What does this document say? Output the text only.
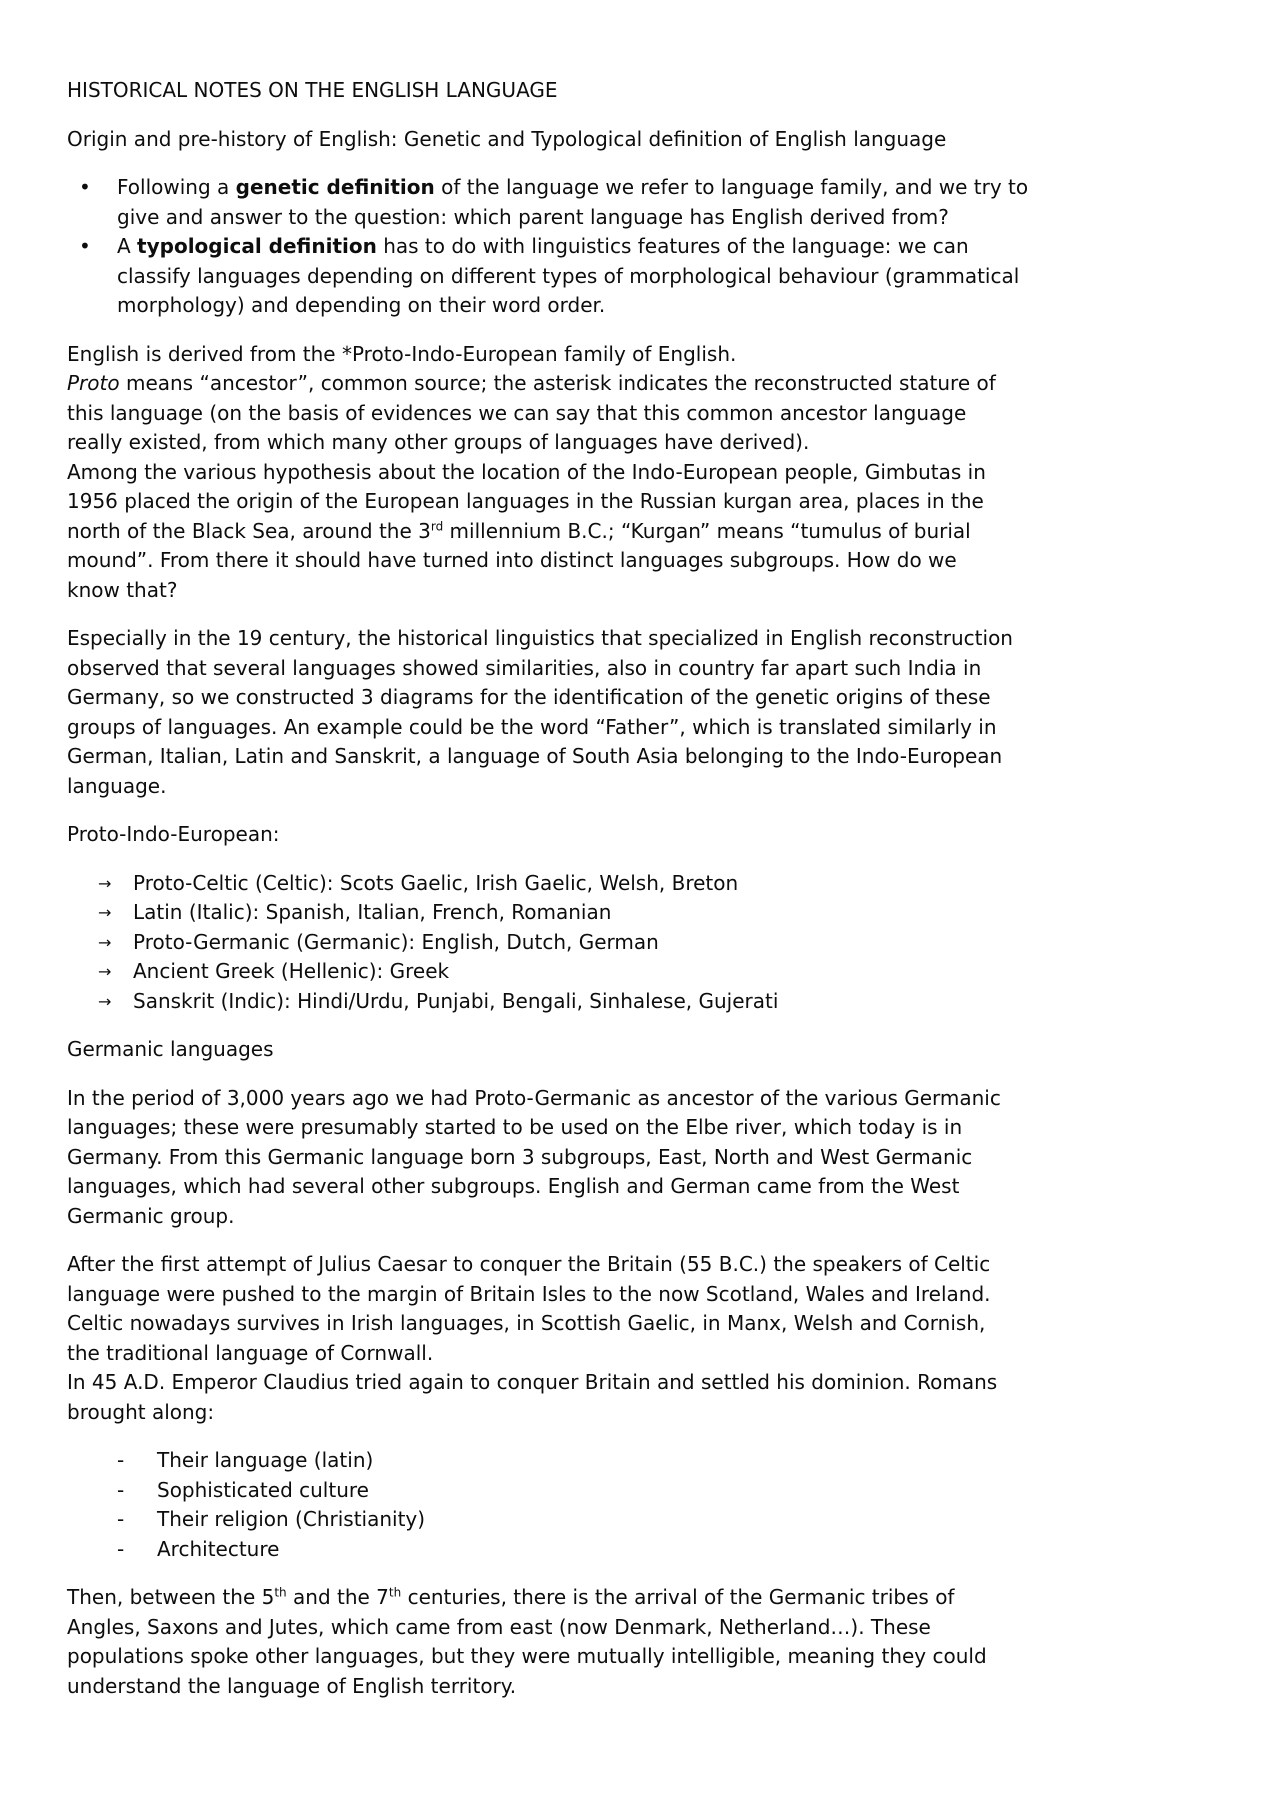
HISTORICAL NOTES ON THE ENGLISH LANGUAGE

Origin and pre-history of English: Genetic and Typological definition of English language

•	Following a genetic definition of the language we refer to language family, and we try to
give and answer to the question: which parent language has English derived from?
•	A typological definition has to do with linguistics features of the language: we can
classify languages depending on different types of morphological behaviour (grammatical
morphology) and depending on their word order.

English is derived from the *Proto-Indo-European family of English.
Proto means “ancestor”, common source; the asterisk indicates the reconstructed stature of
this language (on the basis of evidences we can say that this common ancestor language
really existed, from which many other groups of languages have derived).
Among the various hypothesis about the location of the Indo-European people, Gimbutas in
1956 placed the origin of the European languages in the Russian kurgan area, places in the
north of the Black Sea, around the 3rd millennium B.C.; “Kurgan” means “tumulus of burial
mound”. From there it should have turned into distinct languages subgroups. How do we
know that?

Especially in the 19 century, the historical linguistics that specialized in English reconstruction
observed that several languages showed similarities, also in country far apart such India in
Germany, so we constructed 3 diagrams for the identification of the genetic origins of these
groups of languages. An example could be the word “Father”, which is translated similarly in
German, Italian, Latin and Sanskrit, a language of South Asia belonging to the Indo-European
language.

Proto-Indo-European:

→	Proto-Celtic (Celtic): Scots Gaelic, Irish Gaelic, Welsh, Breton
→	Latin (Italic): Spanish, Italian, French, Romanian
→	Proto-Germanic (Germanic): English, Dutch, German
→	Ancient Greek (Hellenic): Greek
→	Sanskrit (Indic): Hindi/Urdu, Punjabi, Bengali, Sinhalese, Gujerati

Germanic languages

In the period of 3,000 years ago we had Proto-Germanic as ancestor of the various Germanic
languages; these were presumably started to be used on the Elbe river, which today is in
Germany. From this Germanic language born 3 subgroups, East, North and West Germanic
languages, which had several other subgroups. English and German came from the West
Germanic group.

After the first attempt of Julius Caesar to conquer the Britain (55 B.C.) the speakers of Celtic
language were pushed to the margin of Britain Isles to the now Scotland, Wales and Ireland.
Celtic nowadays survives in Irish languages, in Scottish Gaelic, in Manx, Welsh and Cornish,
the traditional language of Cornwall.
In 45 A.D. Emperor Claudius tried again to conquer Britain and settled his dominion. Romans
brought along:

-	Their language (latin)
-	Sophisticated culture
-	Their religion (Christianity)
-	Architecture

Then, between the 5th and the 7th centuries, there is the arrival of the Germanic tribes of
Angles, Saxons and Jutes, which came from east (now Denmark, Netherland…). These
populations spoke other languages, but they were mutually intelligible, meaning they could
understand the language of English territory.
